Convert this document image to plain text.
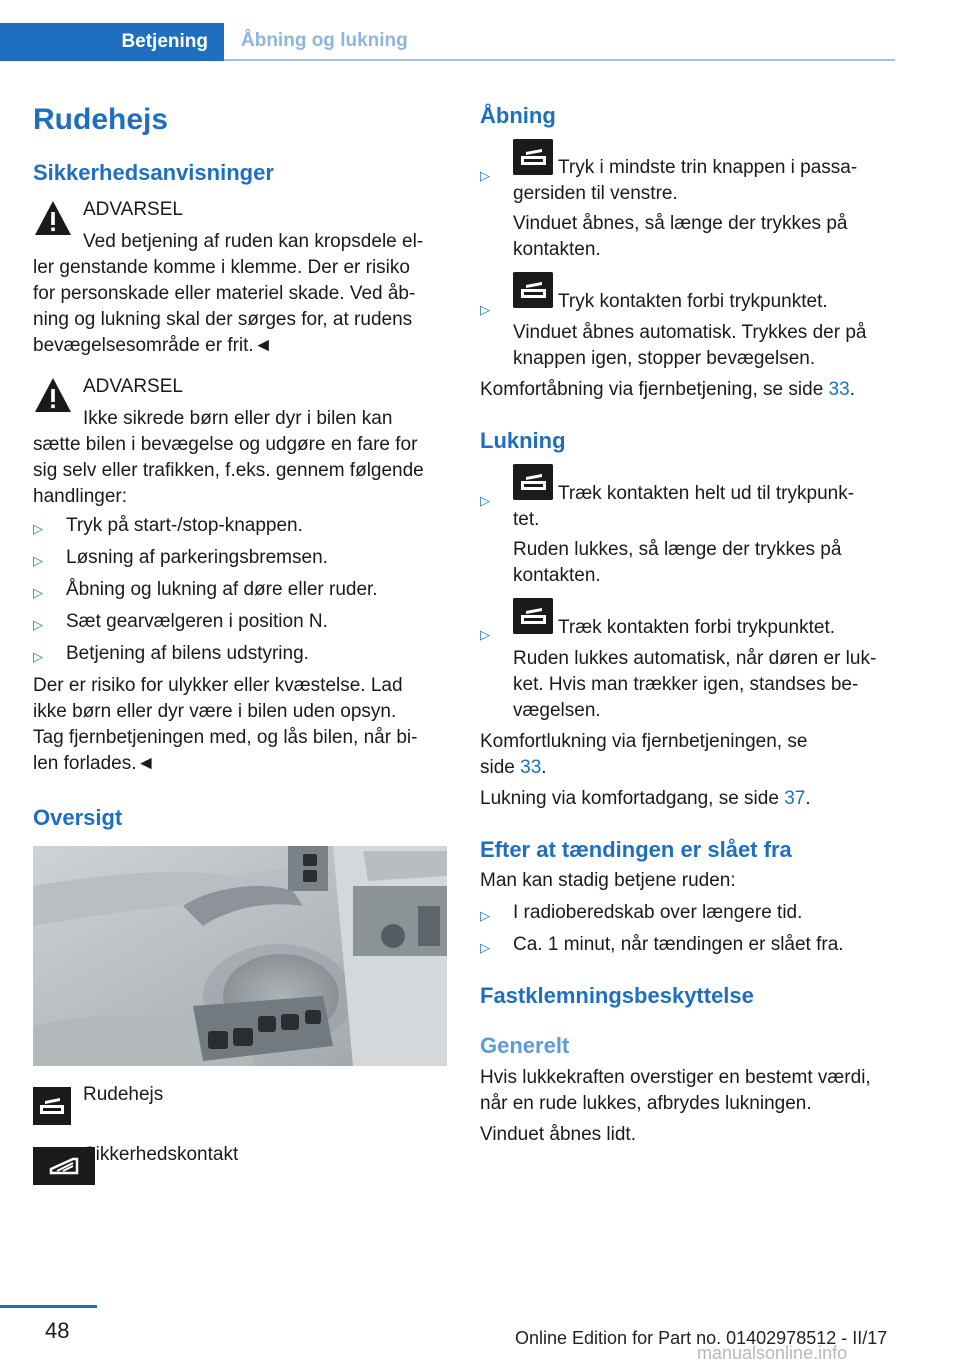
Betjening	Åbning og lukning
Rudehejs
Sikkerhedsanvisninger
ADVARSEL
Ved betjening af ruden kan kropsdele el-
ler genstande komme i klemme. Der er risiko
for personskade eller materiel skade. Ved åb-
ning og lukning skal der sørges for, at rudens
bevægelsesområde er frit.◄
ADVARSEL
Ikke sikrede børn eller dyr i bilen kan
sætte bilen i bevægelse og udgøre en fare for
sig selv eller trafikken, f.eks. gennem følgende
handlinger:
▷ Tryk på start-/stop-knappen.
▷ Løsning af parkeringsbremsen.
▷ Åbning og lukning af døre eller ruder.
▷ Sæt gearvælgeren i position N.
▷ Betjening af bilens udstyring.
Der er risiko for ulykker eller kvæstelse. Lad
ikke børn eller dyr være i bilen uden opsyn.
Tag fjernbetjeningen med, og lås bilen, når bi-
len forlades.◄
Oversigt
Rudehejs
Sikkerhedskontakt
Åbning
▷	Tryk i mindste trin knappen i passa-
gersiden til venstre.
Vinduet åbnes, så længe der trykkes på
kontakten.
▷	Tryk kontakten forbi trykpunktet.
Vinduet åbnes automatisk. Trykkes der på
knappen igen, stopper bevægelsen.
Komfortåbning via fjernbetjening, se side 33.
Lukning
▷	Træk kontakten helt ud til trykpunk-
tet.
Ruden lukkes, så længe der trykkes på
kontakten.
▷	Træk kontakten forbi trykpunktet.
Ruden lukkes automatisk, når døren er luk-
ket. Hvis man trækker igen, standses be-
vægelsen.
Komfortlukning via fjernbetjeningen, se
side 33.
Lukning via komfortadgang, se side 37.
Efter at tændingen er slået fra
Man kan stadig betjene ruden:
▷ I radioberedskab over længere tid.
▷ Ca. 1 minut, når tændingen er slået fra.
Fastklemningsbeskyttelse
Generelt
Hvis lukkekraften overstiger en bestemt værdi,
når en rude lukkes, afbrydes lukningen.
Vinduet åbnes lidt.
48	Online Edition for Part no. 01402978512 - II/17
manualsonline.info
